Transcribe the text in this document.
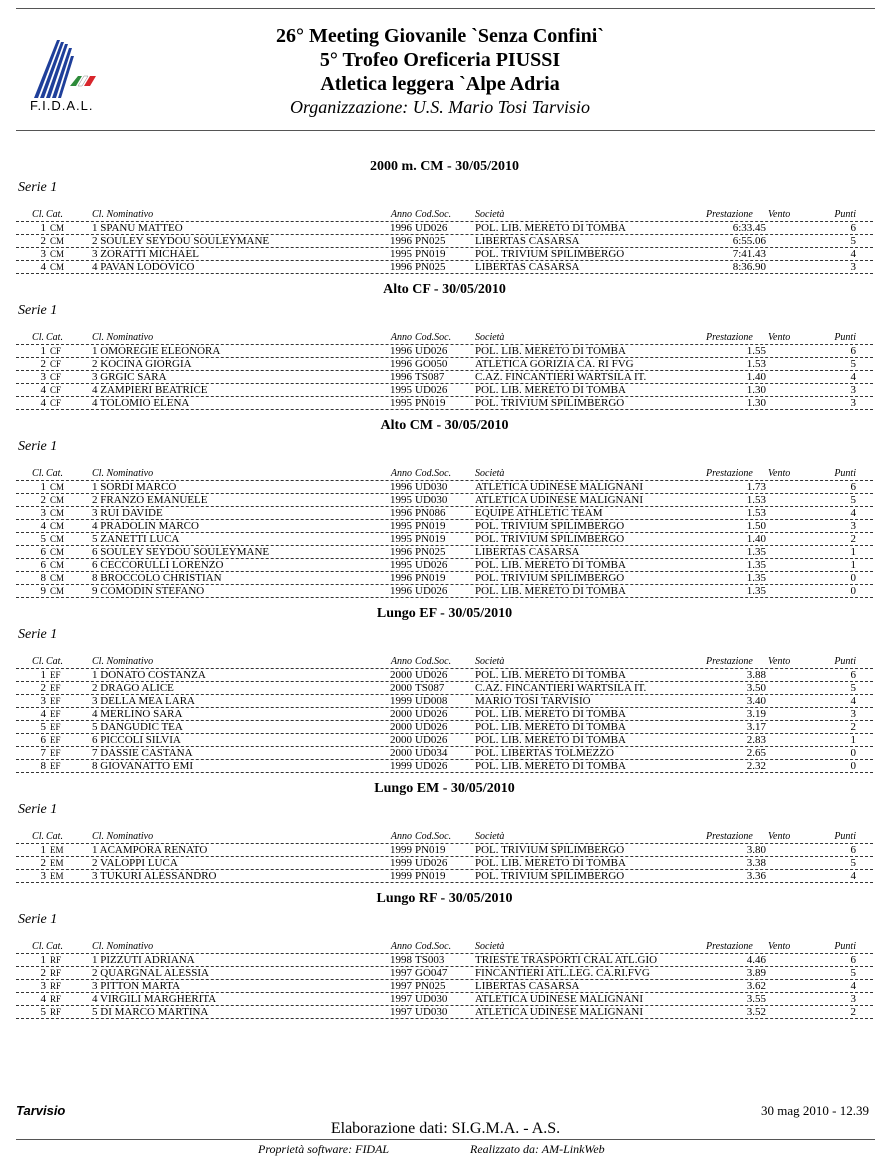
F.I.D.A.L.
26° Meeting Giovanile `Senza Confini`
5° Trofeo Oreficeria PIUSSI
Atletica leggera `Alpe Adria
Organizzazione: U.S. Mario Tosi Tarvisio
2000 m. CM - 30/05/2010
Serie 1
Cl. Cat.	Cl. Nominativo	Anno Cod.Soc.	Società	Prestazione Vento	Punti
1 CM	1 SPANU MATTEO	1996 UD026	POL. LIB. MERETO DI TOMBA	6:33.45	6
2 CM	2 SOULEY SEYDOU SOULEYMANE	1996 PN025	LIBERTAS CASARSA	6:55.06	5
3 CM	3 ZORATTI MICHAEL	1995 PN019	POL. TRIVIUM SPILIMBERGO	7:41.43	4
4 CM	4 PAVAN LODOVICO	1996 PN025	LIBERTAS CASARSA	8:36.90	3
Alto CF - 30/05/2010
Serie 1
Cl. Cat.	Cl. Nominativo	Anno Cod.Soc.	Società	Prestazione Vento	Punti
1 CF	1 OMOREGIE ELEONORA	1996 UD026	POL. LIB. MERETO DI TOMBA	1.55	6
2 CF	2 KOCINA GIORGIA	1996 GO050	ATLETICA GORIZIA CA. RI FVG	1.53	5
3 CF	3 GRGIC SARA	1996 TS087	C.AZ. FINCANTIERI WARTSILA IT.	1.40	4
4 CF	4 ZAMPIERI BEATRICE	1995 UD026	POL. LIB. MERETO DI TOMBA	1.30	3
4 CF	4 TOLOMIO ELENA	1995 PN019	POL. TRIVIUM SPILIMBERGO	1.30	3
Alto CM - 30/05/2010
Serie 1
Cl. Cat.	Cl. Nominativo	Anno Cod.Soc.	Società	Prestazione Vento	Punti
1 CM	1 SORDI MARCO	1996 UD030	ATLETICA UDINESE MALIGNANI	1.73	6
2 CM	2 FRANZO EMANUELE	1995 UD030	ATLETICA UDINESE MALIGNANI	1.53	5
3 CM	3 RUI DAVIDE	1996 PN086	EQUIPE ATHLETIC TEAM	1.53	4
4 CM	4 PRADOLIN MARCO	1995 PN019	POL. TRIVIUM SPILIMBERGO	1.50	3
5 CM	5 ZANETTI LUCA	1995 PN019	POL. TRIVIUM SPILIMBERGO	1.40	2
6 CM	6 SOULEY SEYDOU SOULEYMANE	1996 PN025	LIBERTAS CASARSA	1.35	1
6 CM	6 CECCORULLI LORENZO	1995 UD026	POL. LIB. MERETO DI TOMBA	1.35	1
8 CM	8 BROCCOLO CHRISTIAN	1996 PN019	POL. TRIVIUM SPILIMBERGO	1.35	0
9 CM	9 COMODIN STEFANO	1996 UD026	POL. LIB. MERETO DI TOMBA	1.35	0
Lungo EF - 30/05/2010
Serie 1
Cl. Cat.	Cl. Nominativo	Anno Cod.Soc.	Società	Prestazione Vento	Punti
1 EF	1 DONATO COSTANZA	2000 UD026	POL. LIB. MERETO DI TOMBA	3.88	6
2 EF	2 DRAGO ALICE	2000 TS087	C.AZ. FINCANTIERI WARTSILA IT.	3.50	5
3 EF	3 DELLA MEA LARA	1999 UD008	MARIO TOSI TARVISIO	3.40	4
4 EF	4 MERLINO SARA	2000 UD026	POL. LIB. MERETO DI TOMBA	3.19	3
5 EF	5 DANGUDIC TEA	2000 UD026	POL. LIB. MERETO DI TOMBA	3.17	2
6 EF	6 PICCOLI SILVIA	2000 UD026	POL. LIB. MERETO DI TOMBA	2.83	1
7 EF	7 DASSIE CASTANA	2000 UD034	POL. LIBERTAS TOLMEZZO	2.65	0
8 EF	8 GIOVANATTO EMI	1999 UD026	POL. LIB. MERETO DI TOMBA	2.32	0
Lungo EM - 30/05/2010
Serie 1
Cl. Cat.	Cl. Nominativo	Anno Cod.Soc.	Società	Prestazione Vento	Punti
1 EM	1 ACAMPORA RENATO	1999 PN019	POL. TRIVIUM SPILIMBERGO	3.80	6
2 EM	2 VALOPPI LUCA	1999 UD026	POL. LIB. MERETO DI TOMBA	3.38	5
3 EM	3 TUKURI ALESSANDRO	1999 PN019	POL. TRIVIUM SPILIMBERGO	3.36	4
Lungo RF - 30/05/2010
Serie 1
Cl. Cat.	Cl. Nominativo	Anno Cod.Soc.	Società	Prestazione Vento	Punti
1 RF	1 PIZZUTI ADRIANA	1998 TS003	TRIESTE TRASPORTI CRAL ATL.GIO	4.46	6
2 RF	2 QUARGNAL ALESSIA	1997 GO047	FINCANTIERI ATL.LEG. CA.RI.FVG	3.89	5
3 RF	3 PITTON MARTA	1997 PN025	LIBERTAS CASARSA	3.62	4
4 RF	4 VIRGILI MARGHERITA	1997 UD030	ATLETICA UDINESE MALIGNANI	3.55	3
5 RF	5 DI MARCO MARTINA	1997 UD030	ATLETICA UDINESE MALIGNANI	3.52	2
Tarvisio	30 mag 2010 - 12.39
Elaborazione dati: SI.G.M.A. - A.S.
Proprietà software: FIDAL	Realizzato da: AM-LinkWeb
